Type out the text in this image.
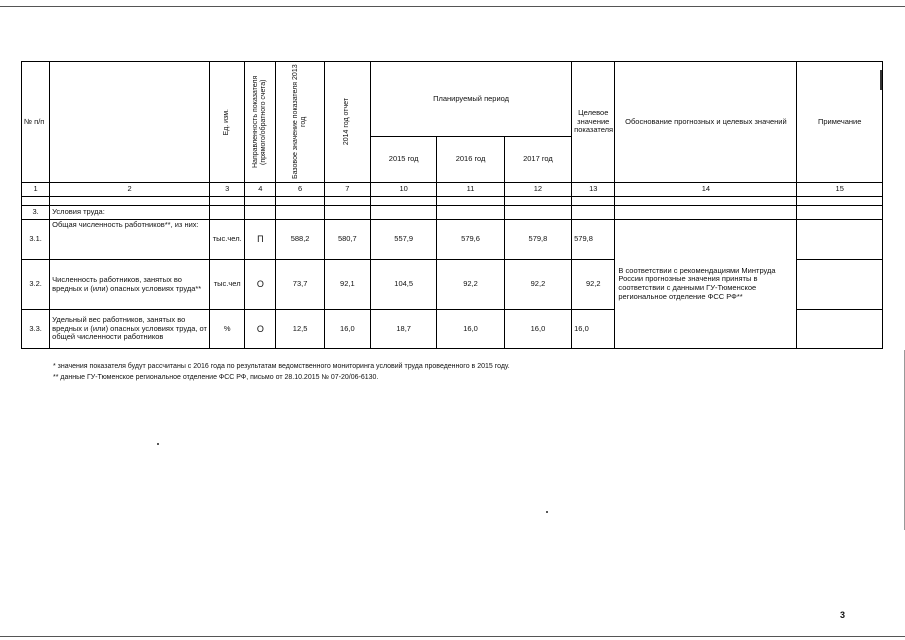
№ п/п		Ед. изм.	Направленность показателя (прямого/обратного счета)	Базовое значение показателя 2013 год	2014 год отчет	Планируемый период			Целевое значение показателя	Обоснование прогнозных и целевых значений	Примечание
						2015 год	2016 год	2017 год			
1	2	3	4	6	7	10	11	12	13	14	15

3.	Условия труда:										
3.1.	Общая численность работников**, из них:	тыс.чел.	П	588,2	580,7	557,9	579,6	579,8	579,8	В соответствии с рекомендациями Минтруда России прогнозные значения приняты в соответствии с данными ГУ-Тюменское региональное отделение ФСС РФ**	
3.2.	Численность работников, занятых во вредных и (или) опасных условиях труда**	тыс.чел	О	73,7	92,1	104,5	92,2	92,2	92,2		
3.3.	Удельный вес работников, занятых во вредных и (или) опасных условиях труда, от общей численности работников	%	О	12,5	16,0	18,7	16,0	16,0	16,0		
* значения показателя будут рассчитаны с 2016 года по результатам ведомственного мониторинга условий труда проведенного в 2015 году.
** данные ГУ-Тюменское региональное отделение ФСС РФ, письмо от 28.10.2015 № 07-20/06-6130.
3
